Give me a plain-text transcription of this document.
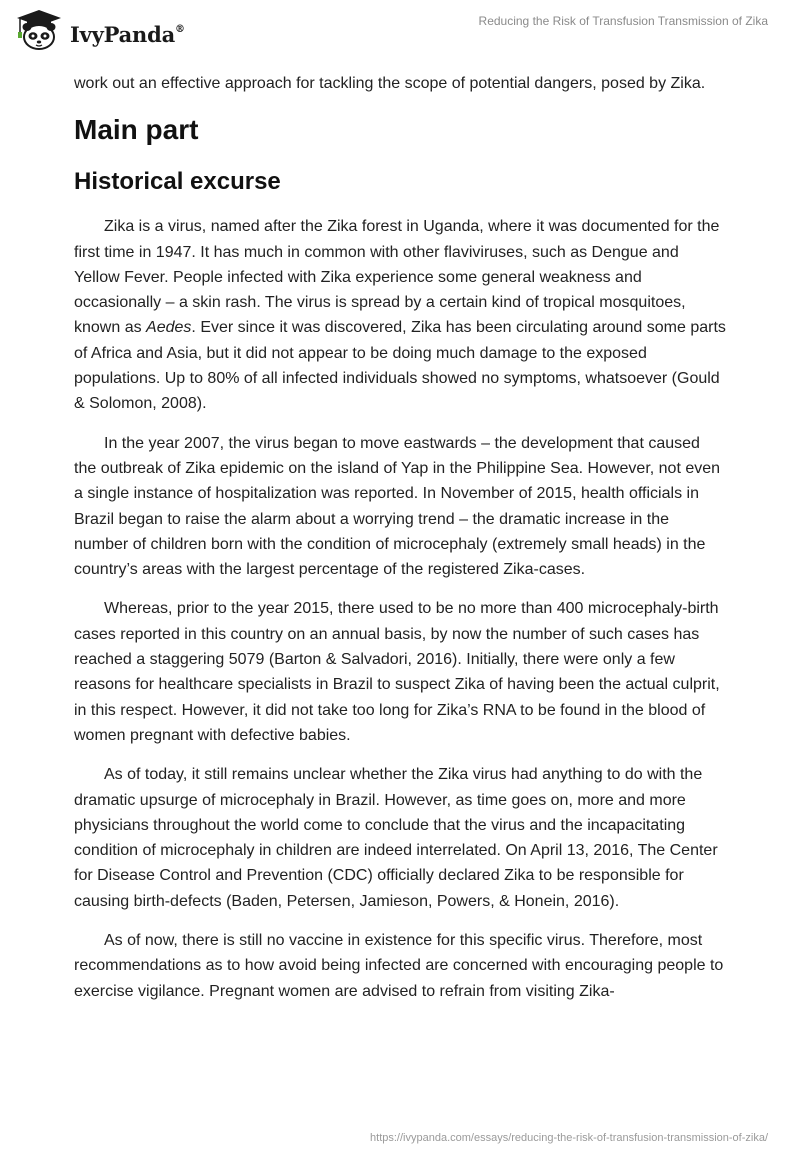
IvyPanda®
Reducing the Risk of Transfusion Transmission of Zika

work out an effective approach for tackling the scope of potential dangers, posed by Zika.

Main part
Historical excurse

Zika is a virus, named after the Zika forest in Uganda, where it was documented for the first time in 1947. It has much in common with other flaviviruses, such as Dengue and Yellow Fever. People infected with Zika experience some general weakness and occasionally – a skin rash. The virus is spread by a certain kind of tropical mosquitoes, known as Aedes. Ever since it was discovered, Zika has been circulating around some parts of Africa and Asia, but it did not appear to be doing much damage to the exposed populations. Up to 80% of all infected individuals showed no symptoms, whatsoever (Gould & Solomon, 2008).

In the year 2007, the virus began to move eastwards – the development that caused the outbreak of Zika epidemic on the island of Yap in the Philippine Sea. However, not even a single instance of hospitalization was reported. In November of 2015, health officials in Brazil began to raise the alarm about a worrying trend – the dramatic increase in the number of children born with the condition of microcephaly (extremely small heads) in the country’s areas with the largest percentage of the registered Zika-cases.

Whereas, prior to the year 2015, there used to be no more than 400 microcephaly-birth cases reported in this country on an annual basis, by now the number of such cases has reached a staggering 5079 (Barton & Salvadori, 2016). Initially, there were only a few reasons for healthcare specialists in Brazil to suspect Zika of having been the actual culprit, in this respect. However, it did not take too long for Zika’s RNA to be found in the blood of women pregnant with defective babies.

As of today, it still remains unclear whether the Zika virus had anything to do with the dramatic upsurge of microcephaly in Brazil. However, as time goes on, more and more physicians throughout the world come to conclude that the virus and the incapacitating condition of microcephaly in children are indeed interrelated. On April 13, 2016, The Center for Disease Control and Prevention (CDC) officially declared Zika to be responsible for causing birth-defects (Baden, Petersen, Jamieson, Powers, & Honein, 2016).

As of now, there is still no vaccine in existence for this specific virus. Therefore, most recommendations as to how avoid being infected are concerned with encouraging people to exercise vigilance. Pregnant women are advised to refrain from visiting Zika-

https://ivypanda.com/essays/reducing-the-risk-of-transfusion-transmission-of-zika/
